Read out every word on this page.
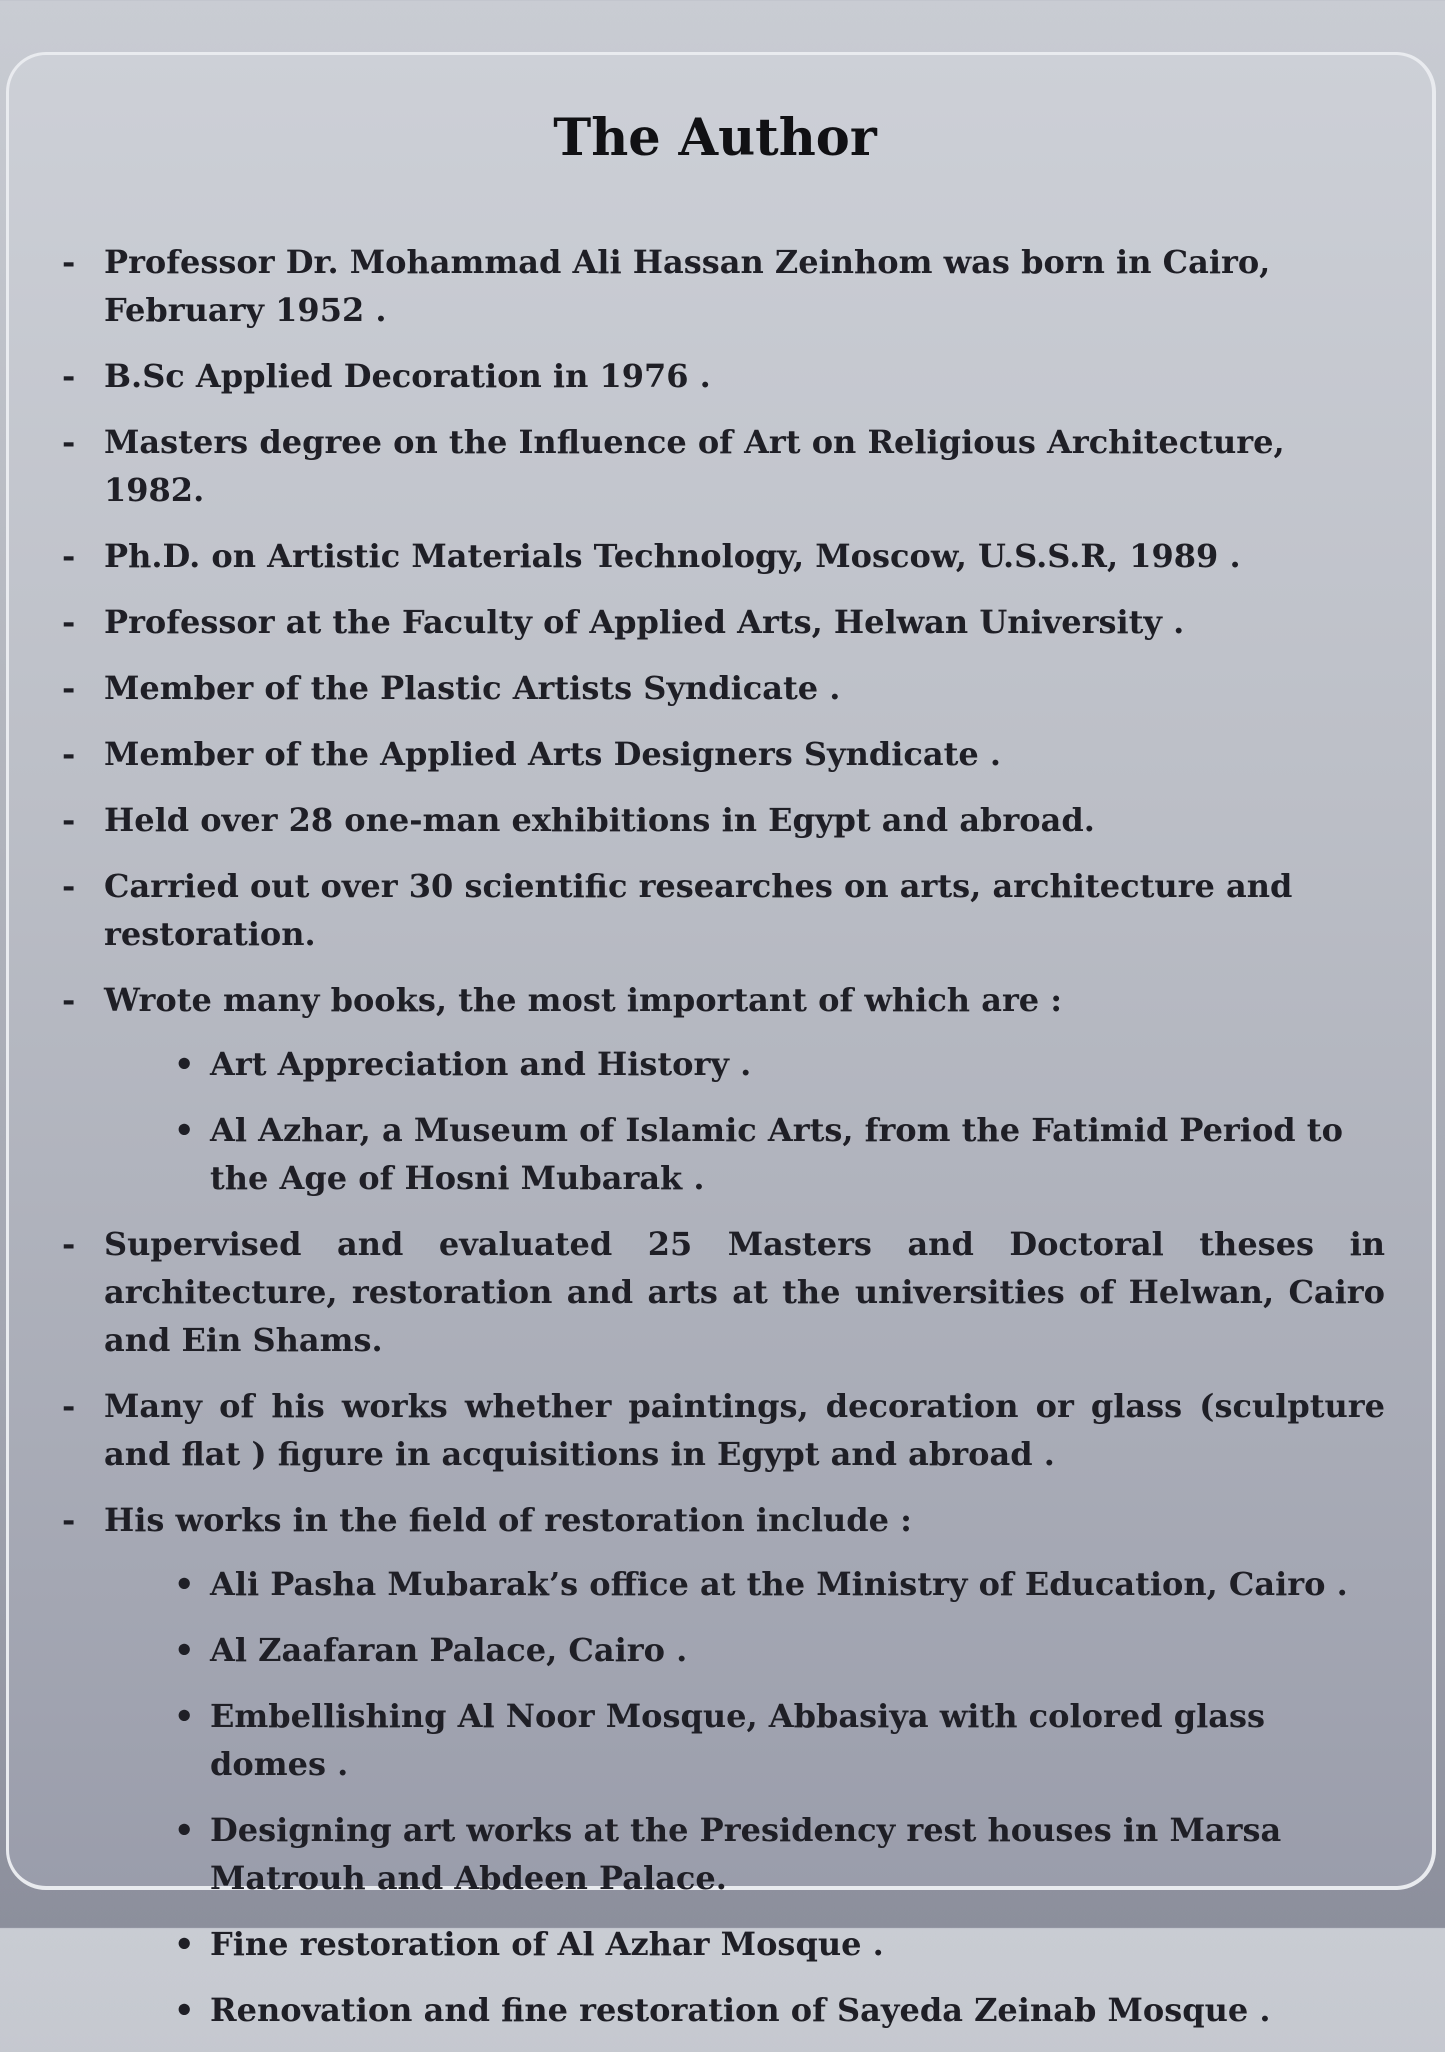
The Author
- Professor Dr. Mohammad Ali Hassan Zeinhom was born in Cairo, February 1952 .
- B.Sc Applied Decoration in 1976 .
- Masters degree on the Influence of Art on Religious Architecture, 1982.
- Ph.D. on Artistic Materials Technology, Moscow, U.S.S.R, 1989 .
- Professor at the Faculty of Applied Arts, Helwan University .
- Member of the Plastic Artists Syndicate .
- Member of the Applied Arts Designers Syndicate .
- Held over 28 one-man exhibitions in Egypt and abroad.
- Carried out over 30 scientific researches on arts, architecture and restoration.
- Wrote many books, the most important of which are :
• Art Appreciation and History .
• Al Azhar, a Museum of Islamic Arts, from the Fatimid Period to the Age of Hosni Mubarak .
- Supervised and evaluated 25 Masters and Doctoral theses in architecture, restoration and arts at the universities of Helwan, Cairo and Ein Shams.
- Many of his works whether paintings, decoration or glass (sculpture and flat ) figure in acquisitions in Egypt and abroad .
- His works in the field of restoration include :
• Ali Pasha Mubarak’s office at the Ministry of Education, Cairo .
• Al Zaafaran Palace, Cairo .
• Embellishing Al Noor Mosque, Abbasiya with colored glass domes .
• Designing art works at the Presidency rest houses in Marsa Matrouh and Abdeen Palace.
• Fine restoration of Al Azhar Mosque .
• Renovation and fine restoration of Sayeda Zeinab Mosque .
